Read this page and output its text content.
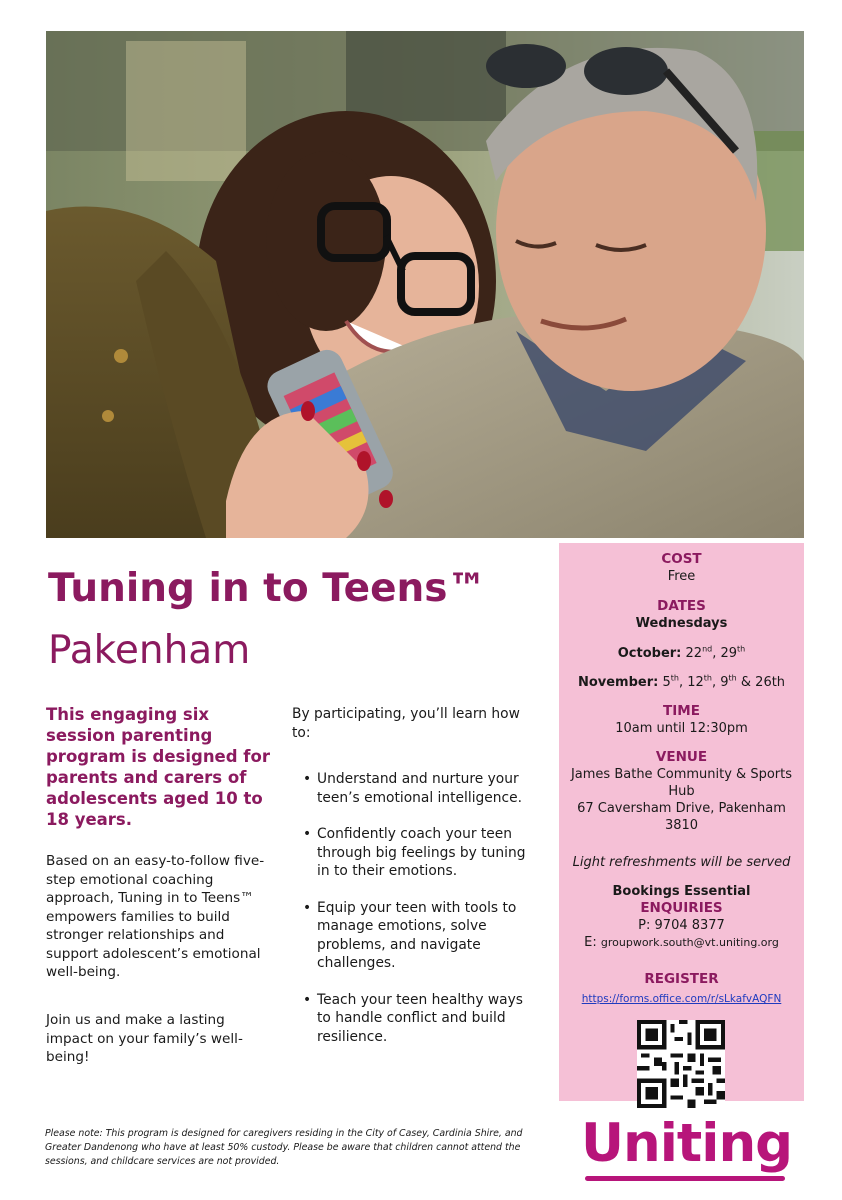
Tuning in to Teens™
Pakenham

This engaging six session parenting program is designed for parents and carers of adolescents aged 10 to 18 years.

Based on an easy-to-follow five-step emotional coaching approach, Tuning in to Teens™ empowers families to build stronger relationships and support adolescent’s emotional well-being.

Join us and make a lasting impact on your family’s well-being!

By participating, you’ll learn how to:

• Understand and nurture your teen’s emotional intelligence.
• Confidently coach your teen through big feelings by tuning in to their emotions.
• Equip your teen with tools to manage emotions, solve problems, and navigate challenges.
• Teach your teen healthy ways to handle conflict and build resilience.
COST
Free
DATES
Wednesdays
October: 22nd, 29th
November: 5th, 12th, 9th & 26th
TIME
10am until 12:30pm
VENUE
James Bathe Community & Sports
Hub
67 Caversham Drive, Pakenham
3810
Light refreshments will be served
Bookings Essential
ENQUIRIES
P: 9704 8377
E: groupwork.south@vt.uniting.org
REGISTER
https://forms.office.com/r/sLkafvAQFN

Please note: This program is designed for caregivers residing in the City of Casey, Cardinia Shire, and Greater Dandenong who have at least 50% custody. Please be aware that children cannot attend the sessions, and childcare services are not provided.	Uniting
